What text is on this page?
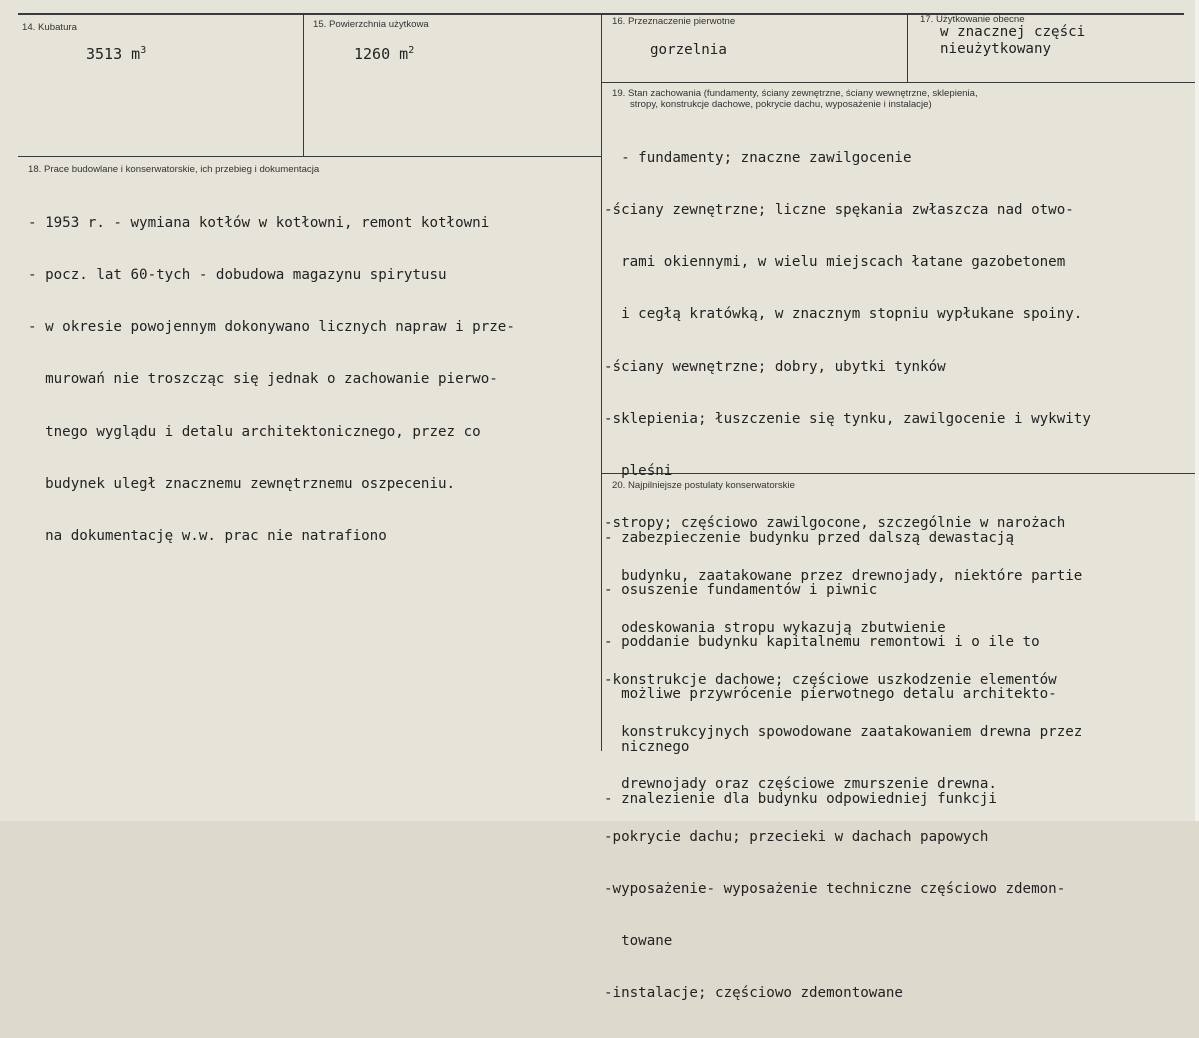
14. Kubatura
3513 $m^3$
15. Powierzchnia użytkowa
1260 $m^2$
16. Przeznaczenie pierwotne
gorzelnia
17. Użytkowanie obecne
w znacznej części
nieużytkowany
18. Prace budowlane i konserwatorskie, ich przebieg i dokumentacja

- 1953 r. - wymiana kotłów w kotłowni, remont kotłowni

- pocz. lat 60-tych - dobudowa magazynu spirytusu

- w okresie powojennym dokonywano licznych napraw i prze-

murowań nie troszcząc się jednak o zachowanie pierwo-

tnego wyglądu i detalu architektonicznego, przez co

budynek uległ znacznemu zewnętrznemu oszpeceniu.

na dokumentację w.w. prac nie natrafiono

19. Stan zachowania (fundamenty, ściany zewnętrzne, ściany wewnętrzne, sklepienia,
stropy, konstrukcje dachowe, pokrycie dachu, wyposażenie i instalacje)

- fundamenty; znaczne zawilgocenie

-ściany zewnętrzne; liczne spękania zwłaszcza nad otwo-

rami okiennymi, w wielu miejscach łatane gazobetonem

i cegłą kratówką, w znacznym stopniu wypłukane spoiny.

-ściany wewnętrzne; dobry, ubytki tynków

-sklepienia; łuszczenie się tynku, zawilgocenie i wykwity

pleśni

-stropy; częściowo zawilgocone, szczególnie w narożach

budynku, zaatakowane przez drewnojady, niektóre partie

odeskowania stropu wykazują zbutwienie

-konstrukcje dachowe; częściowe uszkodzenie elementów

konstrukcyjnych spowodowane zaatakowaniem drewna przez

drewnojady oraz częściowe zmurszenie drewna.

-pokrycie dachu; przecieki w dachach papowych

-wyposażenie- wyposażenie techniczne częściowo zdemon-

towane

-instalacje; częściowo zdemontowane

20. Najpilniejsze postulaty konserwatorskie

- zabezpieczenie budynku przed dalszą dewastacją

- osuszenie fundamentów i piwnic

- poddanie budynku kapitalnemu remontowi i o ile to

możliwe przywrócenie pierwotnego detalu architekto-

nicznego

- znalezienie dla budynku odpowiedniej funkcji
